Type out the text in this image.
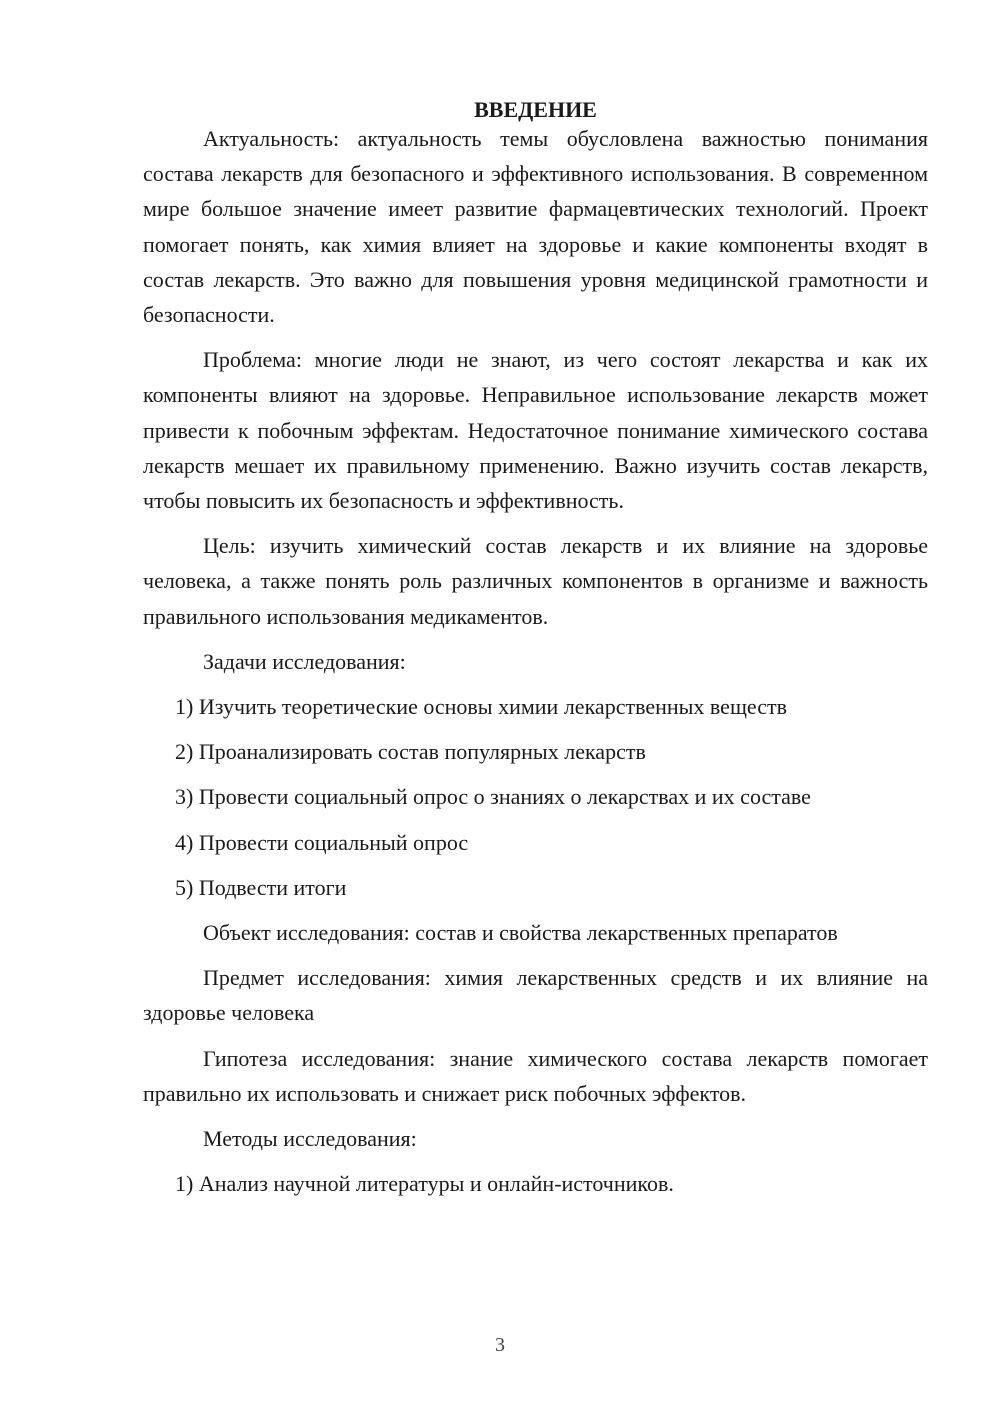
ВВЕДЕНИЕ

Актуальность: актуальность темы обусловлена важностью понимания состава лекарств для безопасного и эффективного использования. В современном мире большое значение имеет развитие фармацевтических технологий. Проект помогает понять, как химия влияет на здоровье и какие компоненты входят в состав лекарств. Это важно для повышения уровня медицинской грамотности и безопасности.

Проблема: многие люди не знают, из чего состоят лекарства и как их компоненты влияют на здоровье. Неправильное использование лекарств может привести к побочным эффектам. Недостаточное понимание химического состава лекарств мешает их правильному применению. Важно изучить состав лекарств, чтобы повысить их безопасность и эффективность.

Цель: изучить химический состав лекарств и их влияние на здоровье человека, а также понять роль различных компонентов в организме и важность правильного использования медикаментов.

Задачи исследования:

1) Изучить теоретические основы химии лекарственных веществ

2) Проанализировать состав популярных лекарств

3) Провести социальный опрос о знаниях о лекарствах и их составе

4) Провести социальный опрос

5) Подвести итоги

Объект исследования: состав и свойства лекарственных препаратов

Предмет исследования: химия лекарственных средств и их влияние на здоровье человека

Гипотеза исследования: знание химического состава лекарств помогает правильно их использовать и снижает риск побочных эффектов.

Методы исследования:

1) Анализ научной литературы и онлайн-источников.

3
